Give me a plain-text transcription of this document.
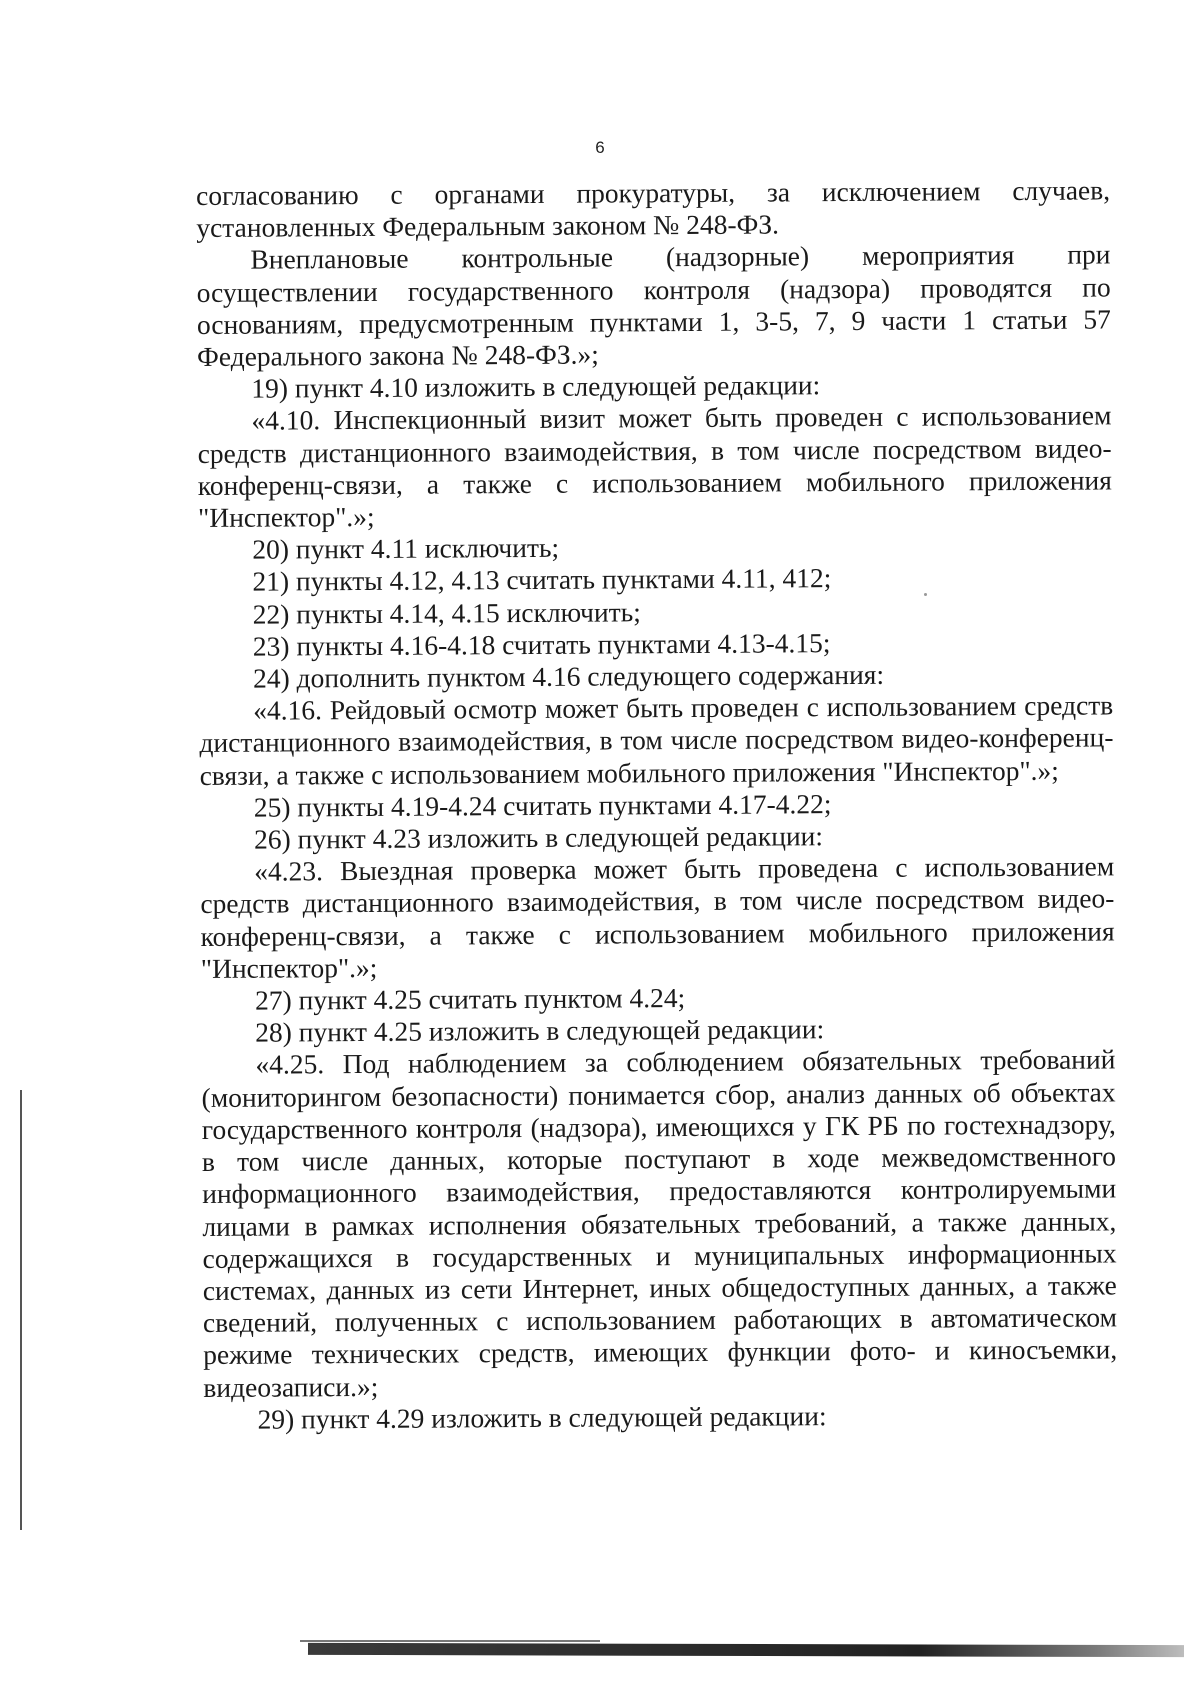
6

согласованию с органами прокуратуры, за исключением случаев, установленных Федеральным законом № 248-ФЗ.

Внеплановые контрольные (надзорные) мероприятия при осуществлении государственного контроля (надзора) проводятся по основаниям, предусмотренным пунктами 1, 3-5, 7, 9 части 1 статьи 57 Федерального закона № 248-ФЗ.»;

19) пункт 4.10 изложить в следующей редакции:

«4.10. Инспекционный визит может быть проведен с использованием средств дистанционного взаимодействия, в том числе посредством видео-конференц-связи, а также с использованием мобильного приложения "Инспектор".»;

20) пункт 4.11 исключить;

21) пункты 4.12, 4.13 считать пунктами 4.11, 412;

22) пункты 4.14, 4.15 исключить;

23) пункты 4.16-4.18 считать пунктами 4.13-4.15;

24) дополнить пунктом 4.16 следующего содержания:

«4.16. Рейдовый осмотр может быть проведен с использованием средств дистанционного взаимодействия, в том числе посредством видео-конференц-связи, а также с использованием мобильного приложения "Инспектор".»;

25) пункты 4.19-4.24 считать пунктами 4.17-4.22;

26) пункт 4.23 изложить в следующей редакции:

«4.23. Выездная проверка может быть проведена с использованием средств дистанционного взаимодействия, в том числе посредством видео-конференц-связи, а также с использованием мобильного приложения "Инспектор".»;

27) пункт 4.25 считать пунктом 4.24;

28) пункт 4.25 изложить в следующей редакции:

«4.25. Под наблюдением за соблюдением обязательных требований (мониторингом безопасности) понимается сбор, анализ данных об объектах государственного контроля (надзора), имеющихся у ГК РБ по гостехнадзору, в том числе данных, которые поступают в ходе межведомственного информационного взаимодействия, предоставляются контролируемыми лицами в рамках исполнения обязательных требований, а также данных, содержащихся в государственных и муниципальных информационных системах, данных из сети Интернет, иных общедоступных данных, а также сведений, полученных с использованием работающих в автоматическом режиме технических средств, имеющих функции фото- и киносъемки, видеозаписи.»;

29) пункт 4.29 изложить в следующей редакции:
